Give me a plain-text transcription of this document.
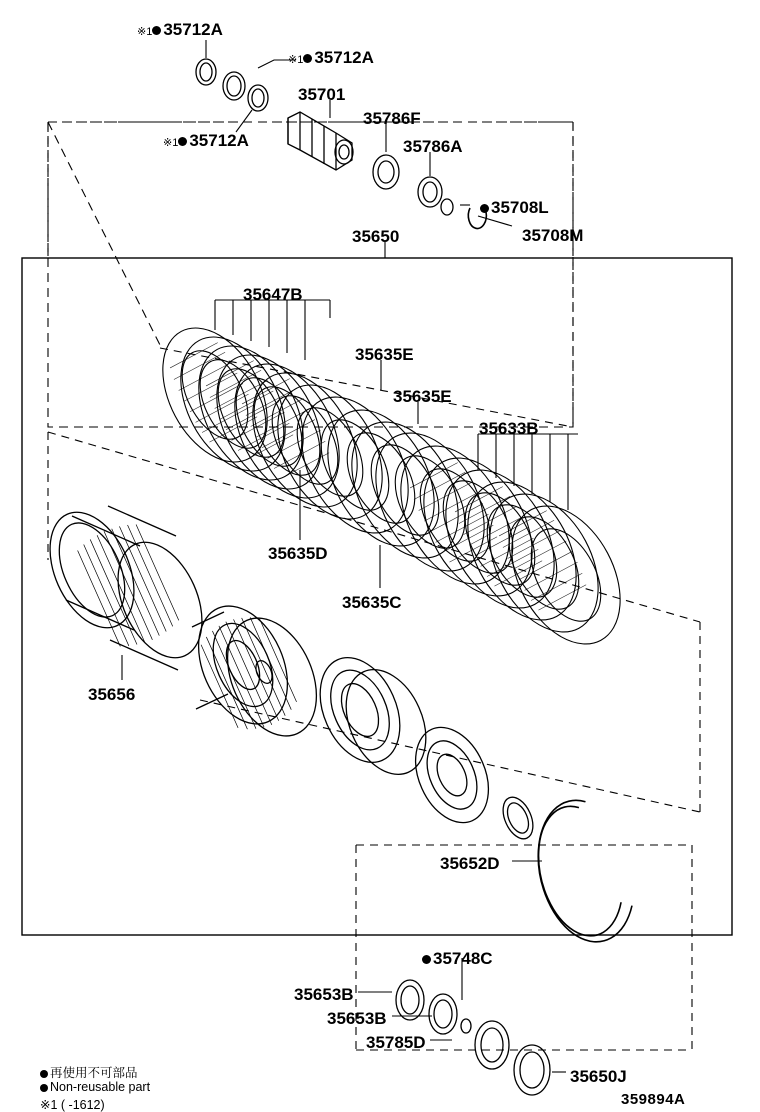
※1 35712A
※1 35712A
※1 35712A
35701
35786F
35786A
35708L
35708M
35650
35647B
35635E
35635E
35633B
35635D
35635C
35656
35652D
35748C
35653B
35653B
35785D
35650J
再使用不可部品
Non-reusable part
※1 ( -1612)	359894A
